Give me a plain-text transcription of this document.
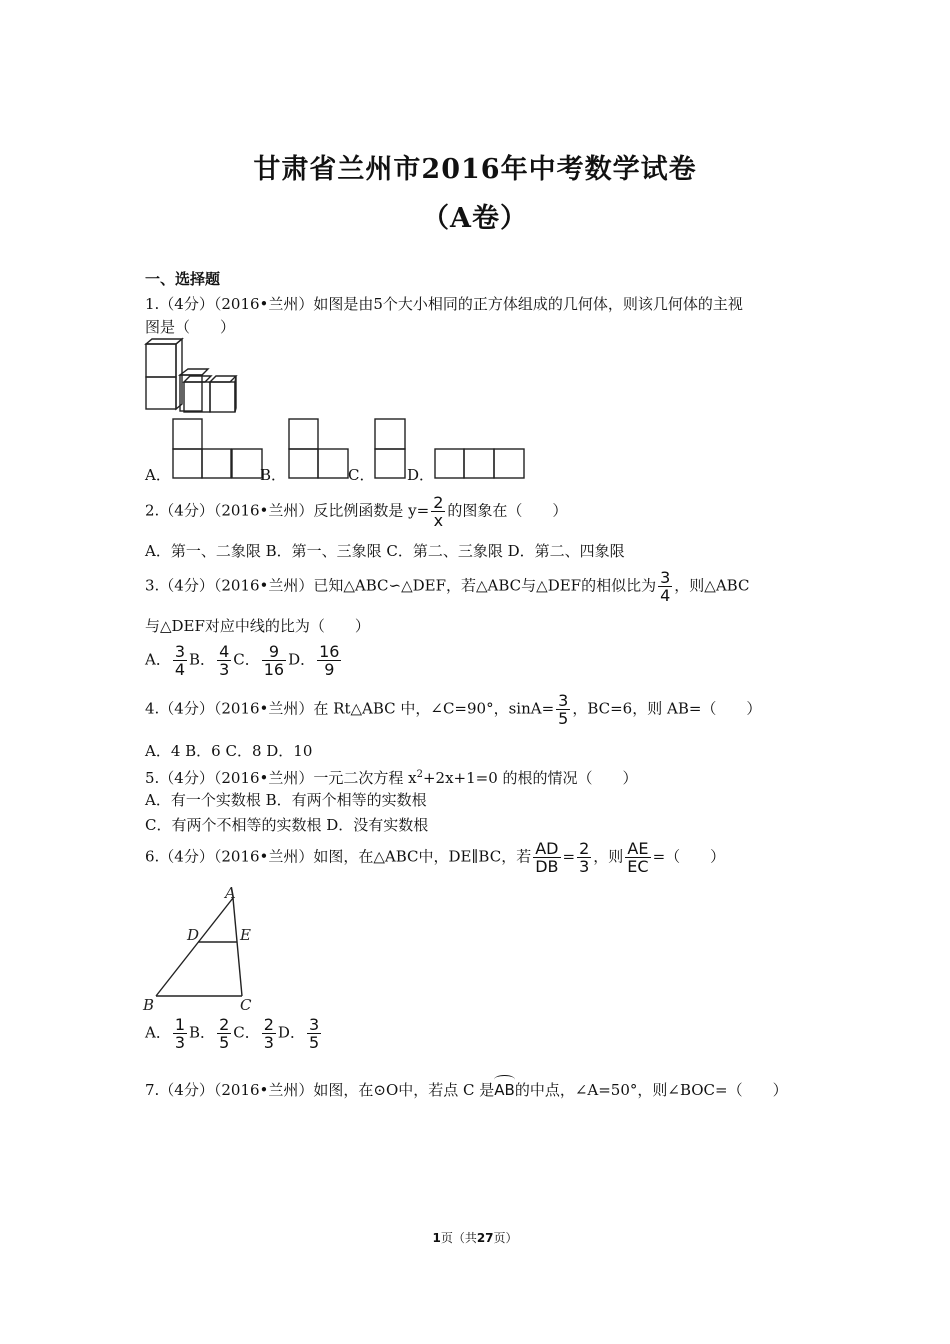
甘肃省兰州市2016年中考数学试卷
（A卷）
一、选择题
1.（4分）（2016•兰州）如图是由5个大小相同的正方体组成的几何体，则该几何体的主视
图是（　　）
A．	B．	C． D．
2.（4分）（2016•兰州）反比例函数是 $y= \frac{2}{x}$ 的图象在（　　）
A．第一、二象限 B．第一、三象限 C．第二、三象限 D．第二、四象限
3.（4分）（2016•兰州）已知△ABC∽△DEF，若△ABC与△DEF的相似比为 $\frac{3}{4}$ ，则△ABC
与△DEF对应中线的比为（　　）
A． $\frac{3}{4}$ B． $\frac{4}{3}$ C． $\frac{9}{16}$ D． $\frac{16}{9}$
4.（4分）（2016•兰州）在 Rt△ABC 中，∠C=90°，$\sin A= \frac{3}{5}$ ，BC=6，则 AB=（　　）
A．4 B．6 C．8 D．10
5.（4分）（2016•兰州）一元二次方程 $x^2+2x+1=0$ 的根的情况（　　）
A．有一个实数根 B．有两个相等的实数根
C．有两个不相等的实数根 D．没有实数根
6.（4分）（2016•兰州）如图，在△ABC中，DE∥BC，若 $\frac{AD}{DB} = \frac{2}{3}$ ，则 $\frac{AE}{EC}$ =（　　）
A
D	E
B	C
A． $\frac{1}{3}$ B． $\frac{2}{5}$ C． $\frac{2}{3}$ D． $\frac{3}{5}$
7.（4分）（2016•兰州）如图，在⊙O中，若点 C 是AB的中点，∠A=50°，则∠BOC=（　　）
1页（共27页）
